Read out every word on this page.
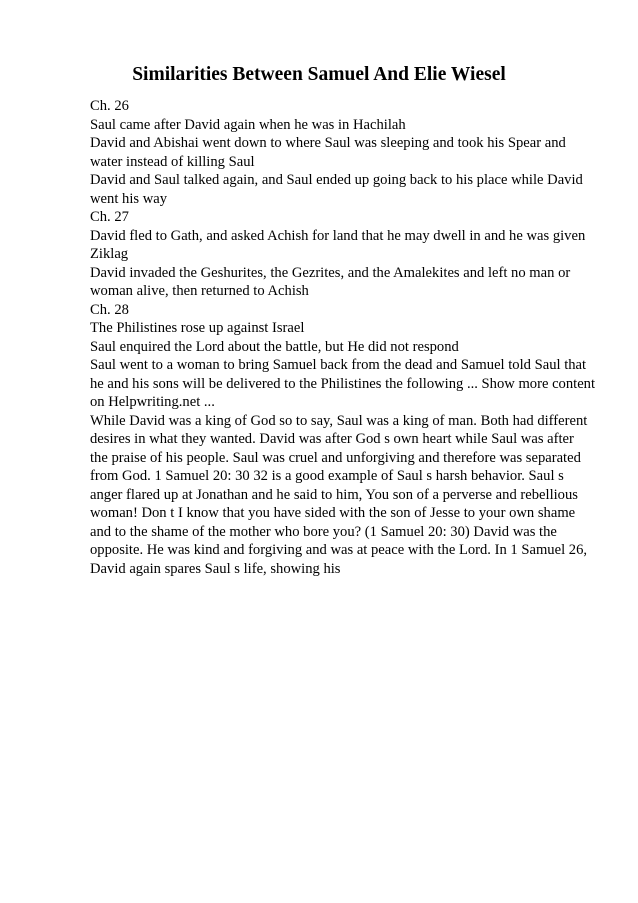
Similarities Between Samuel And Elie Wiesel
Ch. 26
Saul came after David again when he was in Hachilah
David and Abishai went down to where Saul was sleeping and took his Spear and
water instead of killing Saul
David and Saul talked again, and Saul ended up going back to his place while David
went his way
Ch. 27
David fled to Gath, and asked Achish for land that he may dwell in and he was given
Ziklag
David invaded the Geshurites, the Gezrites, and the Amalekites and left no man or
woman alive, then returned to Achish
Ch. 28
The Philistines rose up against Israel
Saul enquired the Lord about the battle, but He did not respond
Saul went to a woman to bring Samuel back from the dead and Samuel told Saul that
he and his sons will be delivered to the Philistines the following ... Show more content
on Helpwriting.net ...
While David was a king of God so to say, Saul was a king of man. Both had different
desires in what they wanted. David was after God s own heart while Saul was after
the praise of his people. Saul was cruel and unforgiving and therefore was separated
from God. 1 Samuel 20: 30 32 is a good example of Saul s harsh behavior. Saul s
anger flared up at Jonathan and he said to him, You son of a perverse and rebellious
woman! Don t I know that you have sided with the son of Jesse to your own shame
and to the shame of the mother who bore you? (1 Samuel 20: 30) David was the
opposite. He was kind and forgiving and was at peace with the Lord. In 1 Samuel 26,
David again spares Saul s life, showing his
